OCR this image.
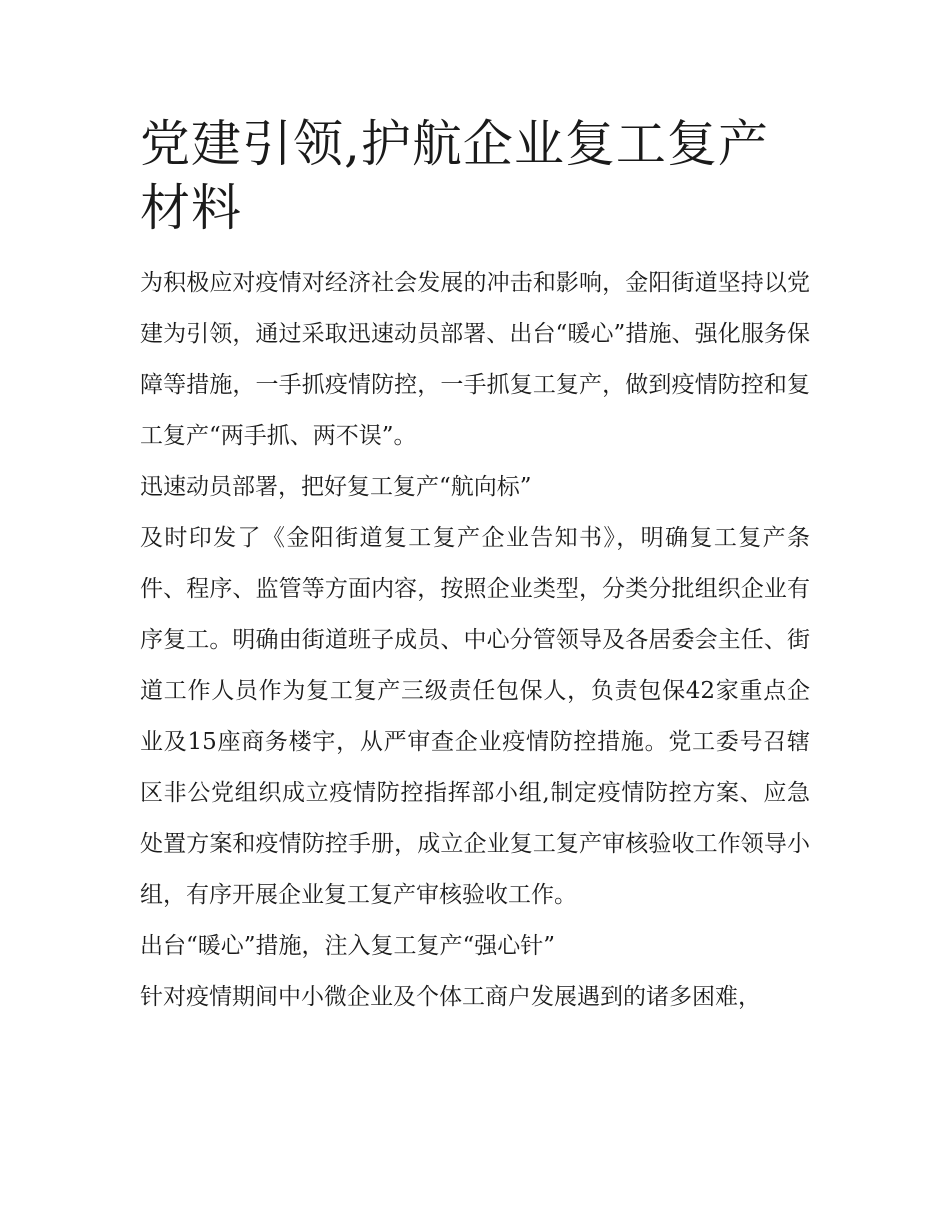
党建引领,护航企业复工复产材料

为积极应对疫情对经济社会发展的冲击和影响，金阳街道坚持以党建为引领，通过采取迅速动员部署、出台“暖心”措施、强化服务保障等措施，一手抓疫情防控，一手抓复工复产，做到疫情防控和复工复产“两手抓、两不误”。

迅速动员部署，把好复工复产“航向标”

及时印发了《金阳街道复工复产企业告知书》，明确复工复产条件、程序、监管等方面内容，按照企业类型，分类分批组织企业有序复工。明确由街道班子成员、中心分管领导及各居委会主任、街道工作人员作为复工复产三级责任包保人，负责包保42家重点企业及15座商务楼宇，从严审查企业疫情防控措施。党工委号召辖区非公党组织成立疫情防控指挥部小组,制定疫情防控方案、应急处置方案和疫情防控手册，成立企业复工复产审核验收工作领导小组，有序开展企业复工复产审核验收工作。

出台“暖心”措施，注入复工复产“强心针”

针对疫情期间中小微企业及个体工商户发展遇到的诸多困难，
